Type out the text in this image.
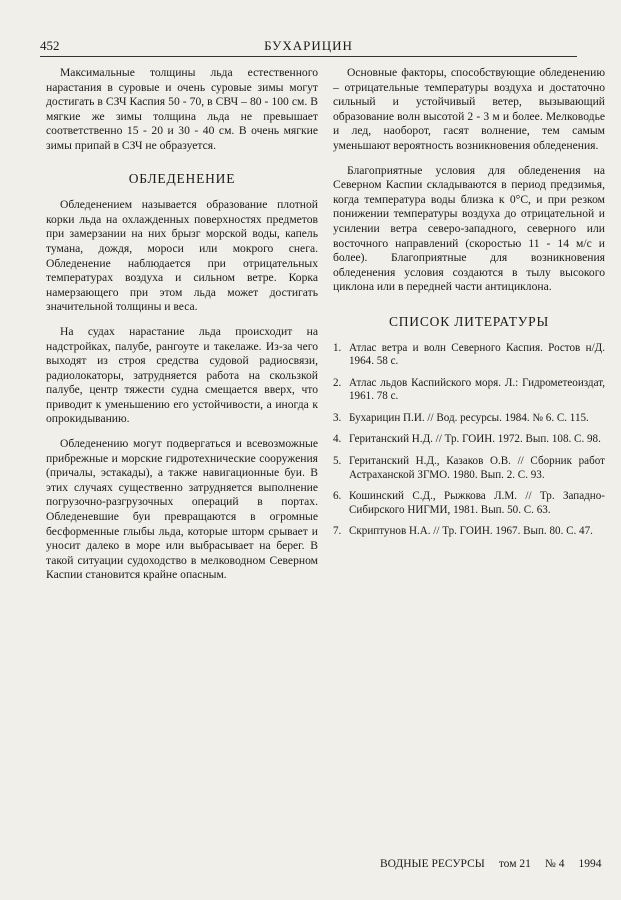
452	БУХАРИЦИН

Максимальные толщины льда естественного нарастания в суровые и очень суровые зимы могут достигать в СЗЧ Каспия 50 - 70, в СВЧ – 80 - 100 см. В мягкие же зимы толщина льда не превышает соответственно 15 - 20 и 30 - 40 см. В очень мягкие зимы припай в СЗЧ не образуется.

ОБЛЕДЕНЕНИЕ

Обледенением называется образование плотной корки льда на охлажденных поверхностях предметов при замерзании на них брызг морской воды, капель тумана, дождя, мороси или мокрого снега. Обледенение наблюдается при отрицательных температурах воздуха и сильном ветре. Корка намерзающего при этом льда может достигать значительной толщины и веса.

На судах нарастание льда происходит на надстройках, палубе, рангоуте и такелаже. Из-за чего выходят из строя средства судовой радиосвязи, радиолокаторы, затрудняется работа на скользкой палубе, центр тяжести судна смещается вверх, что приводит к уменьшению его устойчивости, а иногда к опрокидыванию.

Обледенению могут подвергаться и всевозможные прибрежные и морские гидротехнические сооружения (причалы, эстакады), а также навигационные буи. В этих случаях существенно затрудняется выполнение погрузочно-разгрузочных операций в портах. Обледеневшие буи превращаются в огромные бесформенные глыбы льда, которые шторм срывает и уносит далеко в море или выбрасывает на берег. В такой ситуации судоходство в мелководном Северном Каспии становится крайне опасным.

Основные факторы, способствующие обледенению – отрицательные температуры воздуха и достаточно сильный и устойчивый ветер, вызывающий образование волн высотой 2 - 3 м и более. Мелководье и лед, наоборот, гасят волнение, тем самым уменьшают вероятность возникновения обледенения.

Благоприятные условия для обледенения на Северном Каспии складываются в период предзимья, когда температура воды близка к 0°С, и при резком понижении температуры воздуха до отрицательной и усилении ветра северо-западного, северного или восточного направлений (скоростью 11 - 14 м/с и более). Благоприятные для возникновения обледенения условия создаются в тылу высокого циклона или в передней части антициклона.

СПИСОК ЛИТЕРАТУРЫ
1. Атлас ветра и волн Северного Каспия. Ростов н/Д. 1964. 58 с.
2. Атлас льдов Каспийского моря. Л.: Гидрометеоиздат, 1961. 78 с.
3. Бухарицин П.И. // Вод. ресурсы. 1984. № 6. С. 115.
4. Геританский Н.Д. // Тр. ГОИН. 1972. Вып. 108. С. 98.
5. Геританский Н.Д., Казаков О.В. // Сборник работ Астраханской ЗГМО. 1980. Вып. 2. С. 93.
6. Кошинский С.Д., Рыжкова Л.М. // Тр. Западно-Сибирского НИГМИ, 1981. Вып. 50. С. 63.
7. Скриптунов Н.А. // Тр. ГОИН. 1967. Вып. 80. С. 47.
ВОДНЫЕ РЕСУРСЫ том 21 № 4 1994
